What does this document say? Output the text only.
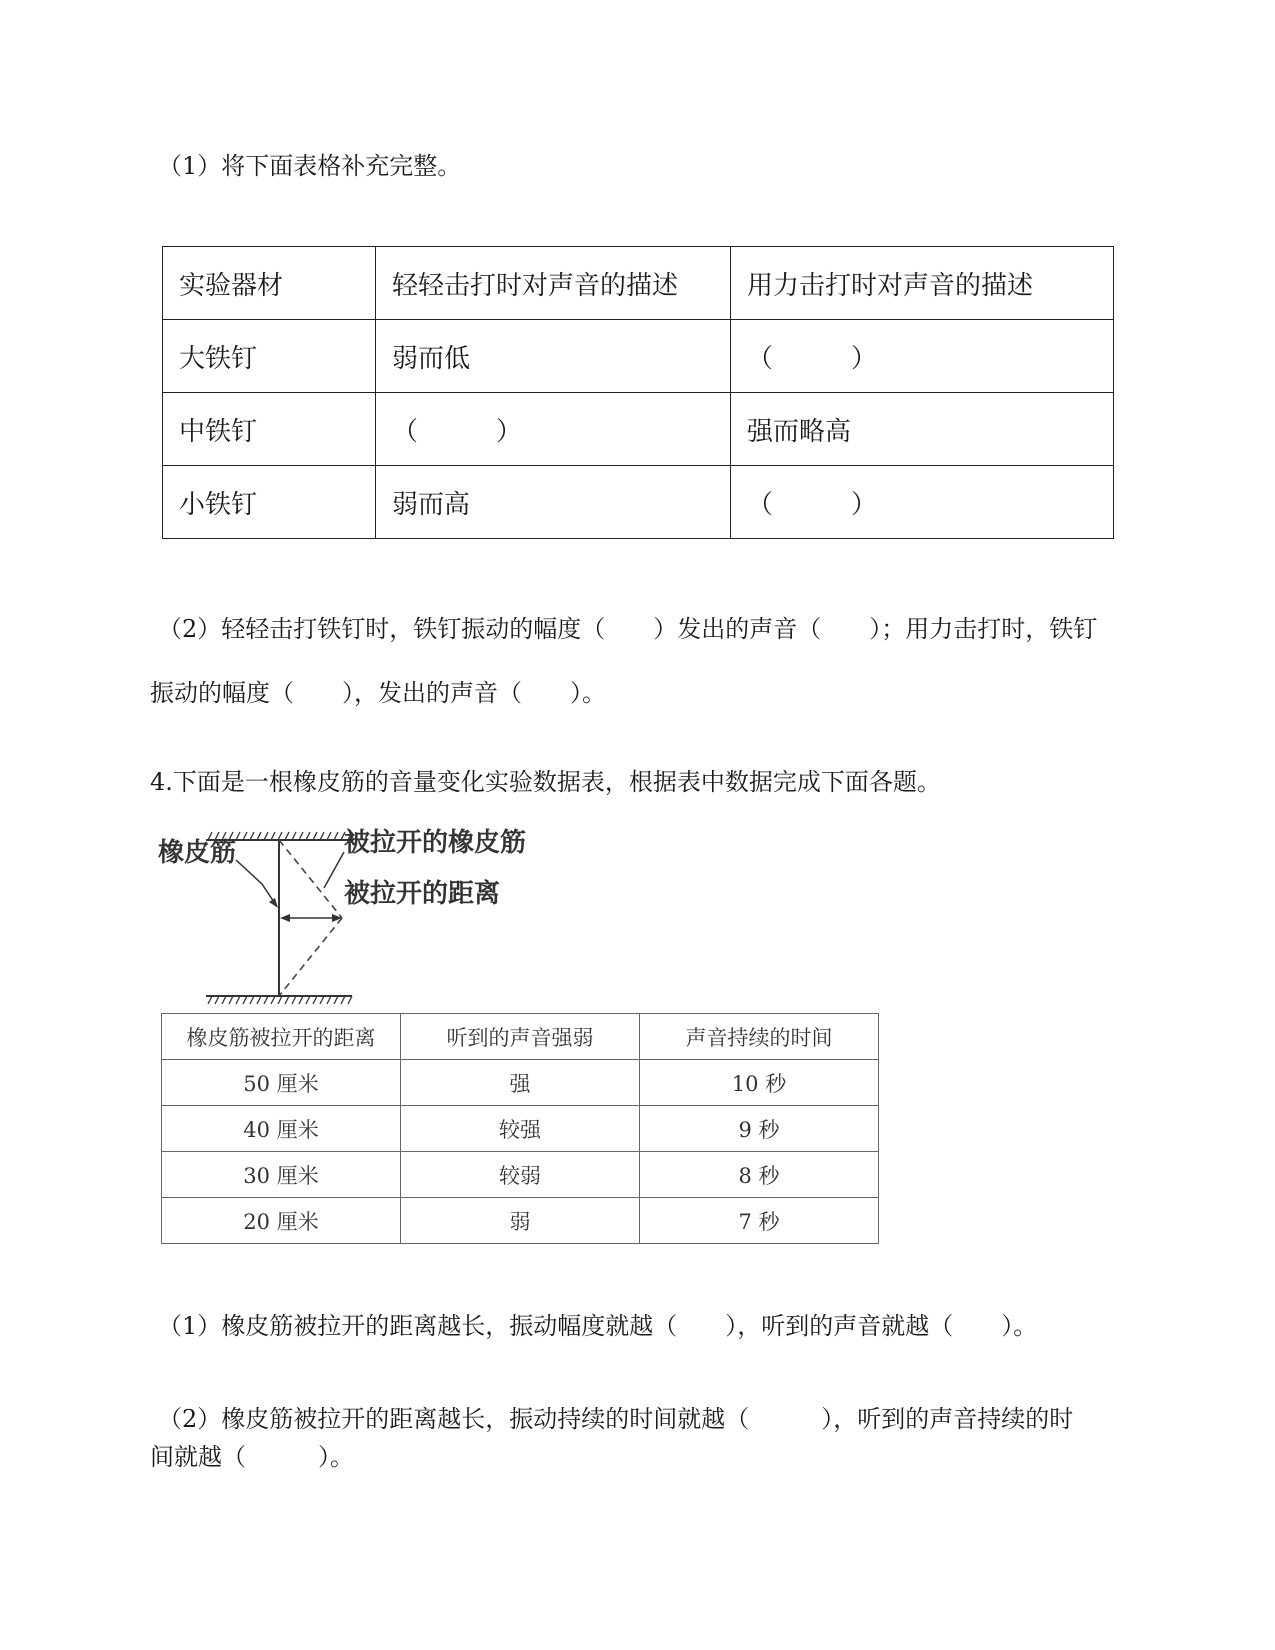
（1）将下面表格补充完整。
实验器材	轻轻击打时对声音的描述	用力击打时对声音的描述
大铁钉	弱而低	（　　　）
中铁钉	（　　　）	强而略高
小铁钉	弱而高	（　　　）
（2）轻轻击打铁钉时，铁钉振动的幅度（　　）发出的声音（　　）；用力击打时，铁钉
振动的幅度（　　），发出的声音（　　）。
4.下面是一根橡皮筋的音量变化实验数据表，根据表中数据完成下面各题。
橡皮筋	被拉开的橡皮筋
被拉开的距离
橡皮筋被拉开的距离	听到的声音强弱	声音持续的时间
50 厘米	强	10 秒
40 厘米	较强	9 秒
30 厘米	较弱	8 秒
20 厘米	弱	7 秒
（1）橡皮筋被拉开的距离越长，振动幅度就越（　　），听到的声音就越（　　）。
（2）橡皮筋被拉开的距离越长，振动持续的时间就越（　　　），听到的声音持续的时
间就越（　　　）。
